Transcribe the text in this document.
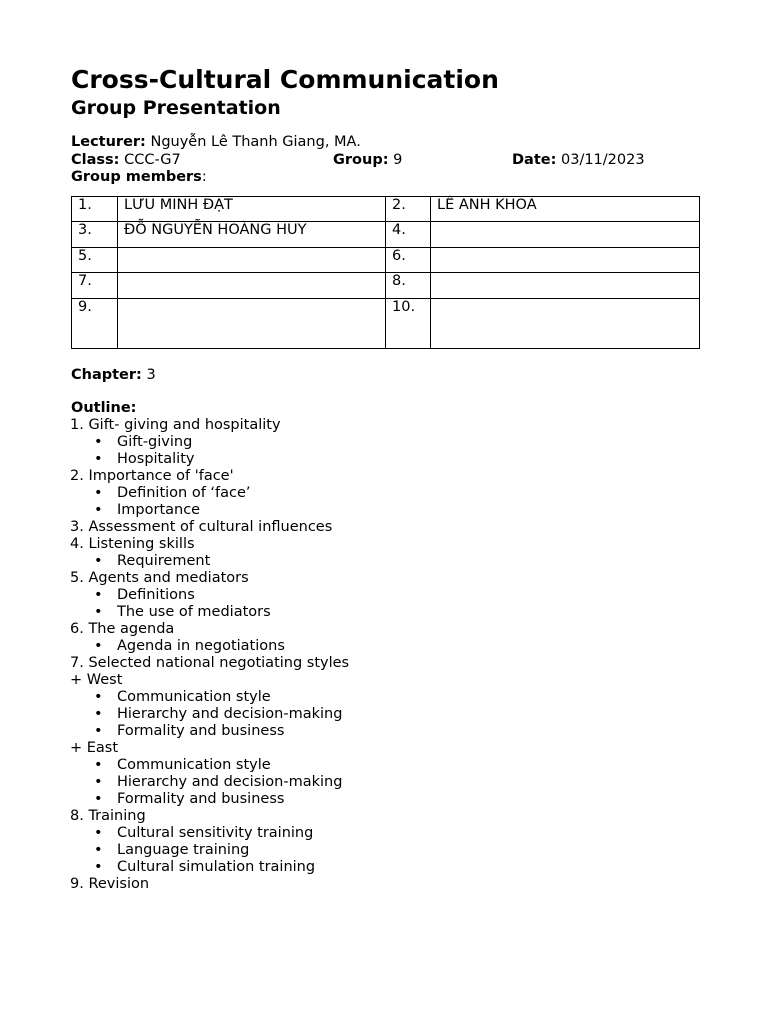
Cross-Cultural Communication
Group Presentation
Lecturer: Nguyễn Lê Thanh Giang, MA.
Class: CCC-G7	Group: 9	Date: 03/11/2023
Group members:
1.	LƯU MINH ĐẠT	2.	LÊ ANH KHOA
3.	ĐỖ NGUYỄN HOÀNG HUY	4.	
5.		6.	
7.		8.	
9.		10.	
Chapter: 3
Outline:
1. Gift- giving and hospitality
• Gift-giving
• Hospitality
2. Importance of 'face'
• Definition of ‘face’
• Importance
3. Assessment of cultural influences
4. Listening skills
• Requirement
5. Agents and mediators
• Definitions
• The use of mediators
6. The agenda
• Agenda in negotiations
7. Selected national negotiating styles
+ West
• Communication style
• Hierarchy and decision-making
• Formality and business
+ East
• Communication style
• Hierarchy and decision-making
• Formality and business
8. Training
• Cultural sensitivity training
• Language training
• Cultural simulation training
9. Revision
